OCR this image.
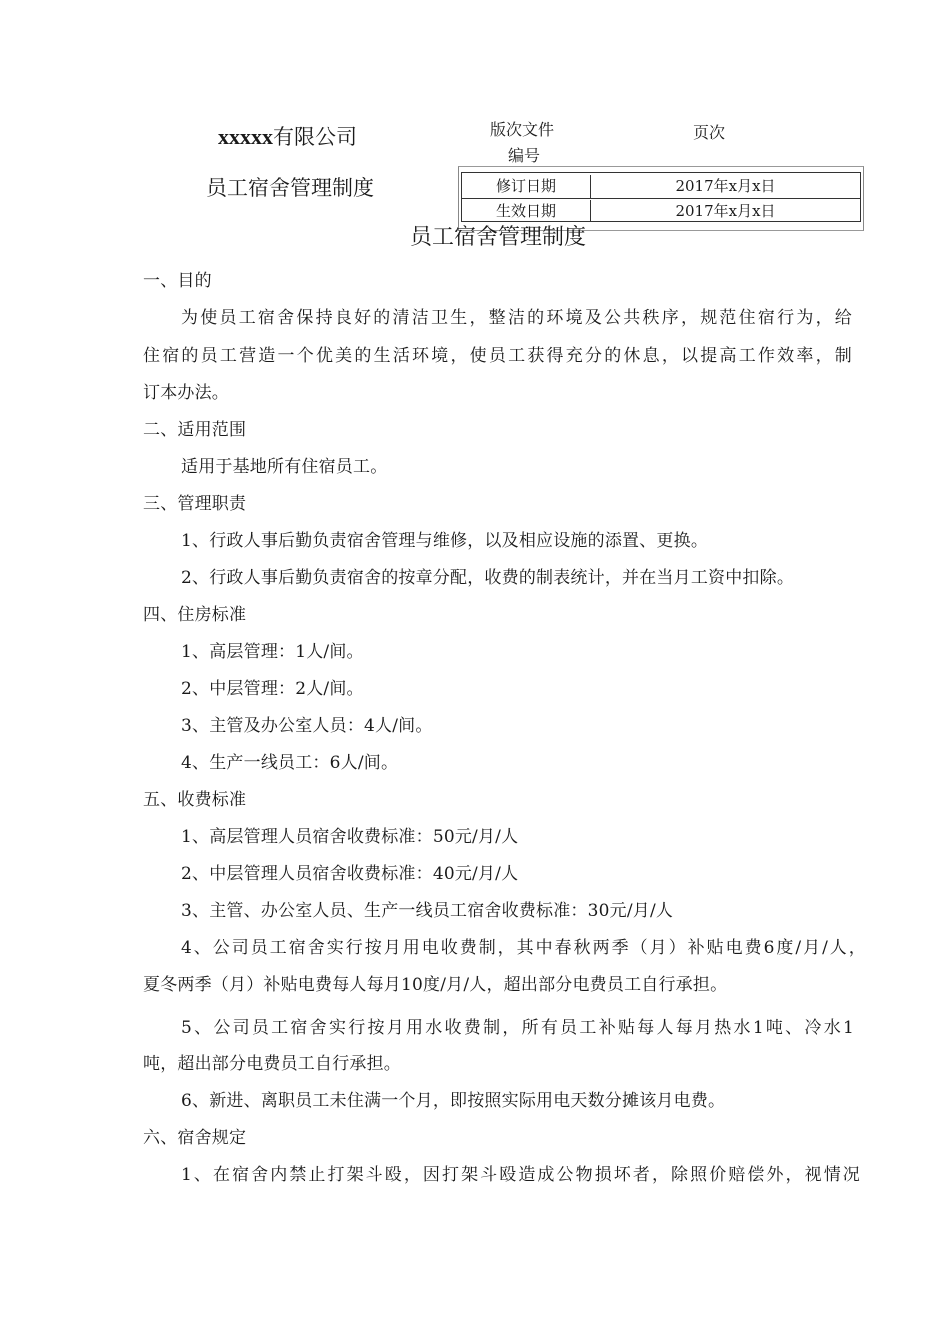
xxxxx有限公司
员工宿舍管理制度
版次文件
编号
页次
修订日期	2017年x月x日
生效日期	2017年x月x日
员工宿舍管理制度
一、目的
为使员工宿舍保持良好的清洁卫生，整洁的环境及公共秩序，规范住宿行为，给
住宿的员工营造一个优美的生活环境，使员工获得充分的休息，以提高工作效率，制
订本办法。
二、适用范围
适用于基地所有住宿员工。
三、管理职责
1、行政人事后勤负责宿舍管理与维修，以及相应设施的添置、更换。
2、行政人事后勤负责宿舍的按章分配，收费的制表统计，并在当月工资中扣除。
四、住房标准
1、高层管理：1人/间。
2、中层管理：2人/间。
3、主管及办公室人员：4人/间。
4、生产一线员工：6人/间。
五、收费标准
1、高层管理人员宿舍收费标准：50元/月/人
2、中层管理人员宿舍收费标准：40元/月/人
3、主管、办公室人员、生产一线员工宿舍收费标准：30元/月/人
4、公司员工宿舍实行按月用电收费制，其中春秋两季（月）补贴电费6度/月/人，
夏冬两季（月）补贴电费每人每月10度/月/人，超出部分电费员工自行承担。
5、公司员工宿舍实行按月用水收费制，所有员工补贴每人每月热水1吨、冷水1
吨，超出部分电费员工自行承担。
6、新进、离职员工未住满一个月，即按照实际用电天数分摊该月电费。
六、宿舍规定
1、在宿舍内禁止打架斗殴，因打架斗殴造成公物损坏者，除照价赔偿外，视情况
